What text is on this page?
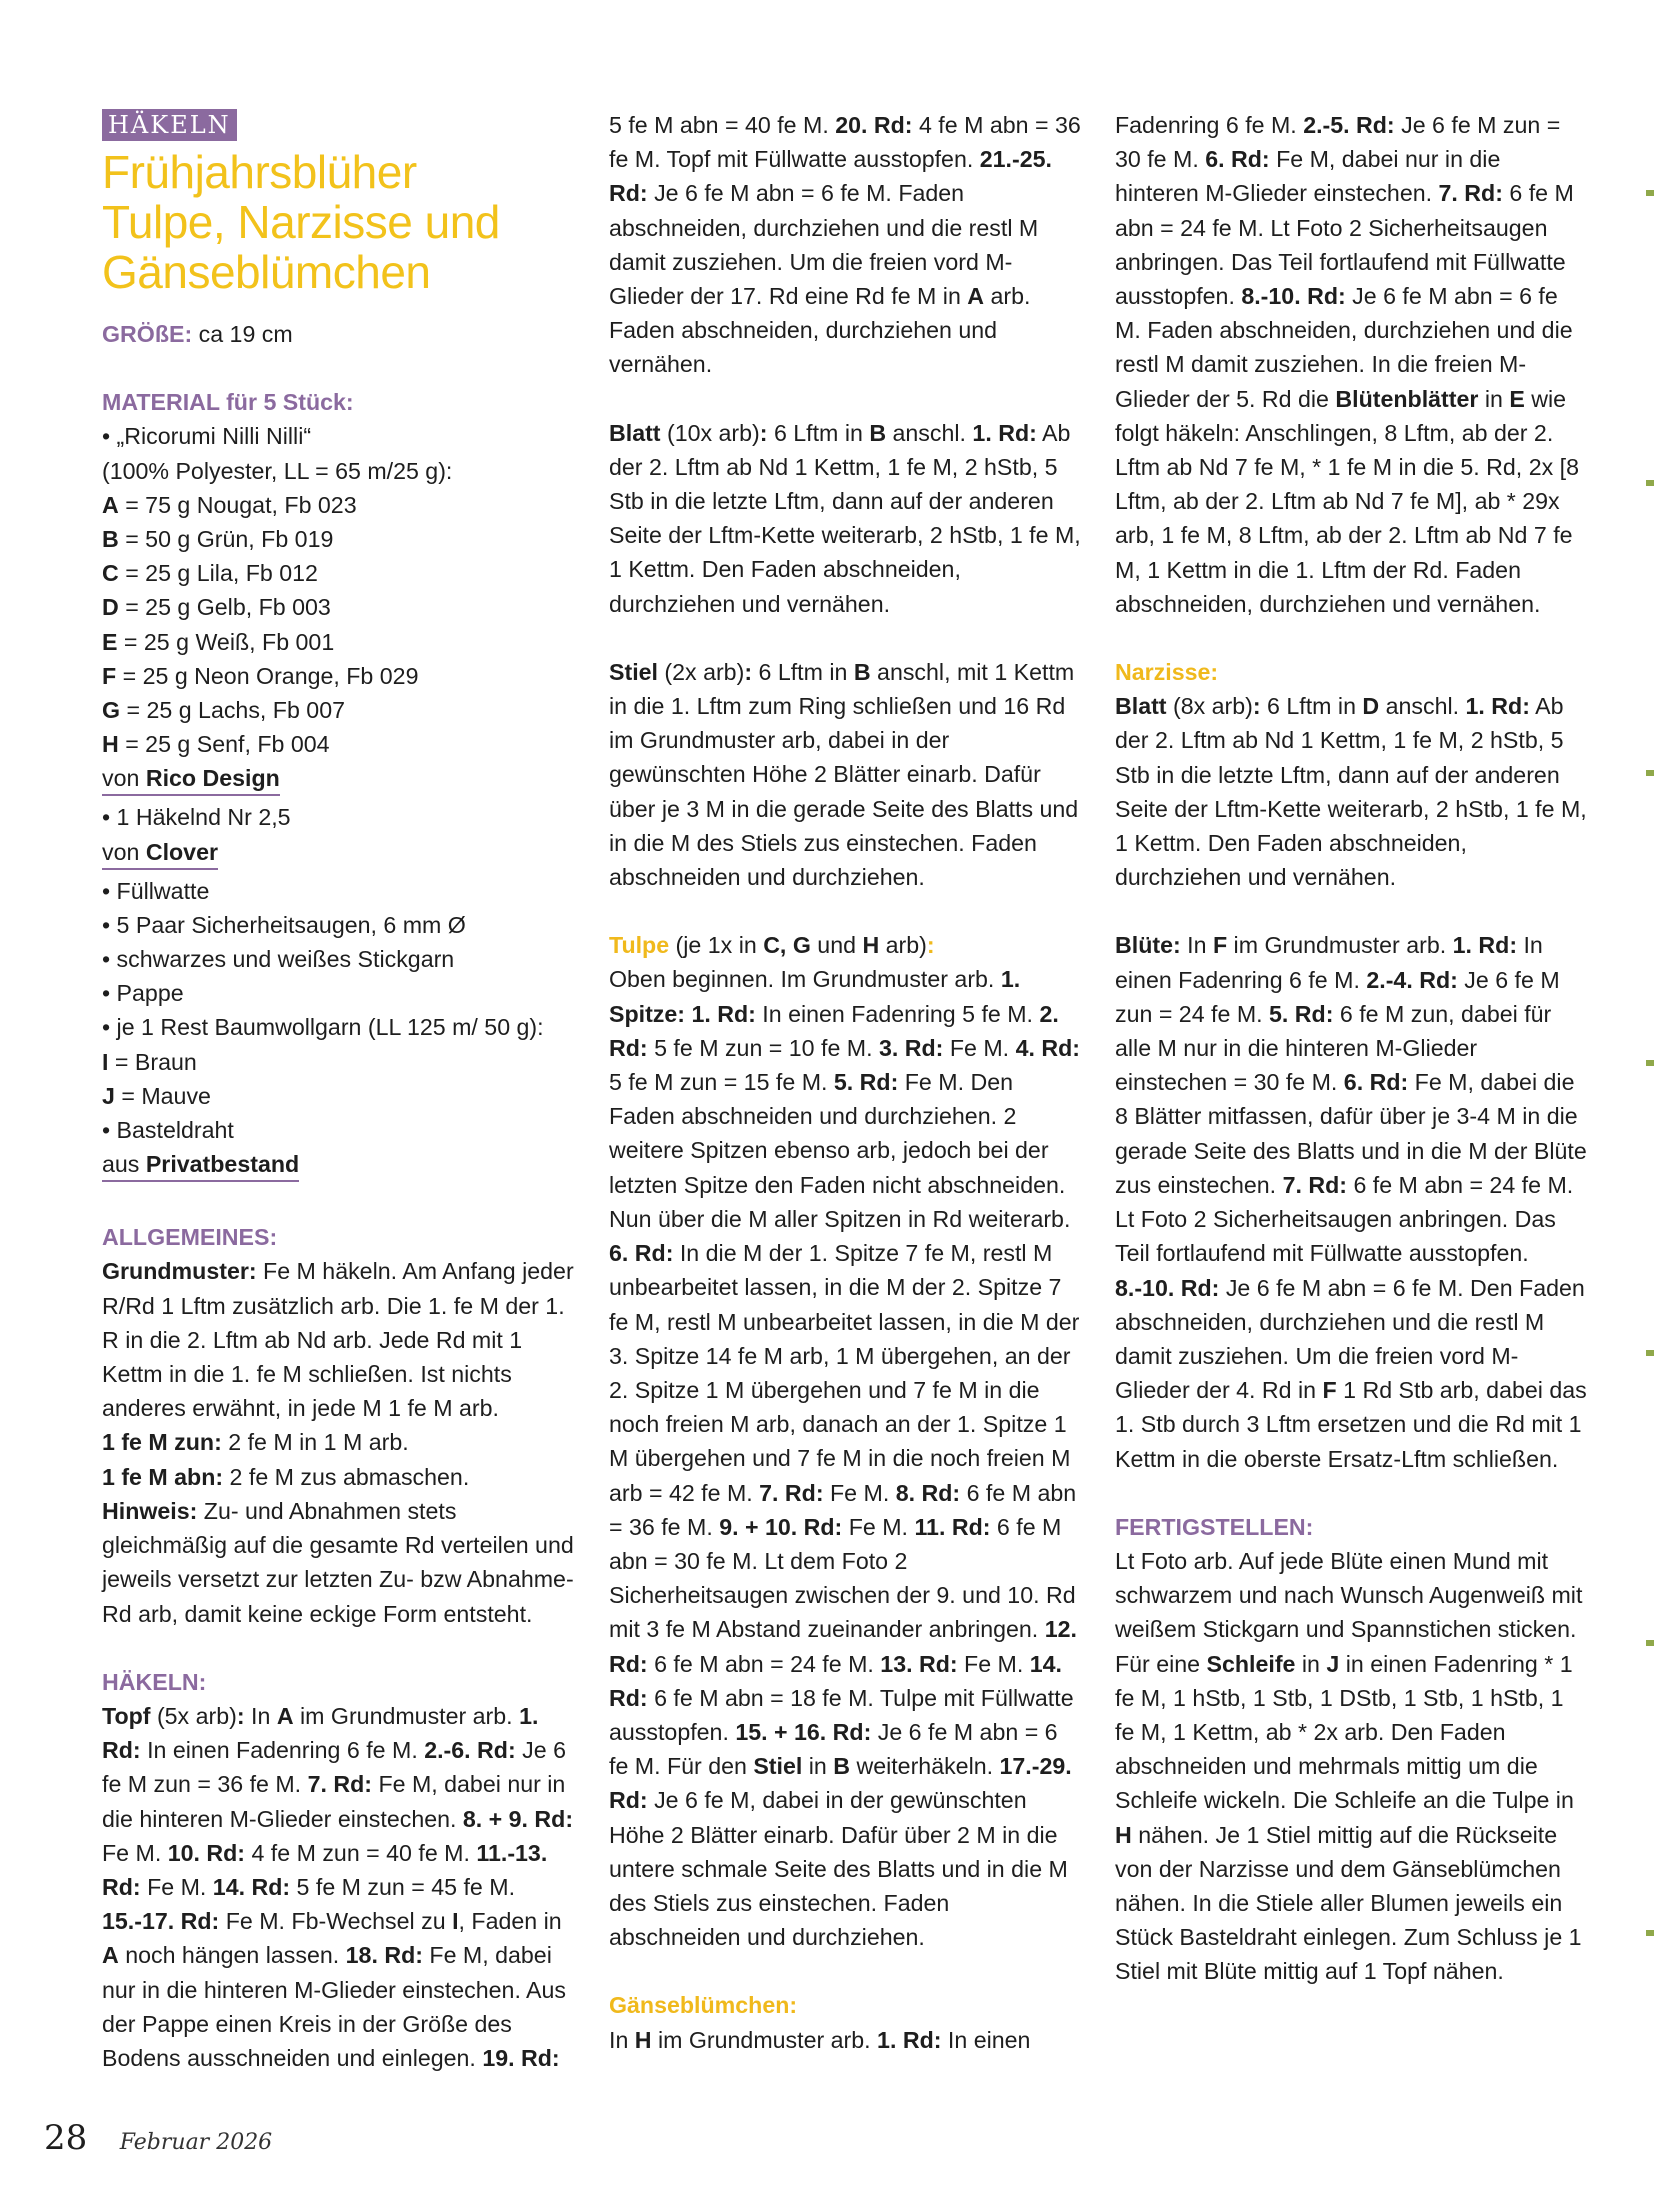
HÄKELN
Frühjahrsblüher
Tulpe, Narzisse und
Gänseblümchen

GRÖßE: ca 19 cm

MATERIAL für 5 Stück:

• „Ricorumi Nilli Nilli“

(100% Polyester, LL = 65 m/25 g):

A = 75 g Nougat, Fb 023

B = 50 g Grün, Fb 019

C = 25 g Lila, Fb 012

D = 25 g Gelb, Fb 003

E = 25 g Weiß, Fb 001

F = 25 g Neon Orange, Fb 029

G = 25 g Lachs, Fb 007

H = 25 g Senf, Fb 004

von Rico Design

• 1 Häkelnd Nr 2,5

von Clover

• Füllwatte

• 5 Paar Sicherheitsaugen, 6 mm Ø

• schwarzes und weißes Stickgarn

• Pappe

• je 1 Rest Baumwollgarn (LL 125 m/ 50 g):

I = Braun

J = Mauve

• Basteldraht

aus Privatbestand

ALLGEMEINES:

Grundmuster: Fe M häkeln. Am Anfang jeder R/Rd 1 Lftm zusätzlich arb. Die 1. fe M der 1. R in die 2. Lftm ab Nd arb. Jede Rd mit 1 Kettm in die 1. fe M schließen. Ist nichts anderes erwähnt, in jede M 1 fe M arb.

1 fe M zun: 2 fe M in 1 M arb.

1 fe M abn: 2 fe M zus abmaschen.

Hinweis: Zu- und Abnahmen stets gleichmäßig auf die gesamte Rd verteilen und jeweils versetzt zur letzten Zu- bzw Abnahme-Rd arb, damit keine eckige Form entsteht.

HÄKELN:

Topf (5x arb): In A im Grundmuster arb. 1. Rd: In einen Fadenring 6 fe M. 2.-6. Rd: Je 6 fe M zun = 36 fe M. 7. Rd: Fe M, dabei nur in die hinteren M-Glieder einstechen. 8. + 9. Rd: Fe M. 10. Rd: 4 fe M zun = 40 fe M. 11.-13. Rd: Fe M. 14. Rd: 5 fe M zun = 45 fe M. 15.-17. Rd: Fe M. Fb-Wechsel zu I, Faden in A noch hängen lassen. 18. Rd: Fe M, dabei nur in die hinteren M-Glieder einstechen. Aus der Pappe einen Kreis in der Größe des Bodens ausschneiden und einlegen. 19. Rd:

5 fe M abn = 40 fe M. 20. Rd: 4 fe M abn = 36 fe M. Topf mit Füllwatte ausstopfen. 21.-25. Rd: Je 6 fe M abn = 6 fe M. Faden abschneiden, durchziehen und die restl M damit zusziehen. Um die freien vord M-Glieder der 17. Rd eine Rd fe M in A arb. Faden abschneiden, durchziehen und vernähen.

Blatt (10x arb): 6 Lftm in B anschl. 1. Rd: Ab der 2. Lftm ab Nd 1 Kettm, 1 fe M, 2 hStb, 5 Stb in die letzte Lftm, dann auf der anderen Seite der Lftm-Kette weiterarb, 2 hStb, 1 fe M, 1 Kettm. Den Faden abschneiden, durchziehen und vernähen.

Stiel (2x arb): 6 Lftm in B anschl, mit 1 Kettm in die 1. Lftm zum Ring schließen und 16 Rd im Grundmuster arb, dabei in der gewünschten Höhe 2 Blätter einarb. Dafür über je 3 M in die gerade Seite des Blatts und in die M des Stiels zus einstechen. Faden abschneiden und durchziehen.

Tulpe (je 1x in C, G und H arb):

Oben beginnen. Im Grundmuster arb. 1. Spitze: 1. Rd: In einen Fadenring 5 fe M. 2. Rd: 5 fe M zun = 10 fe M. 3. Rd: Fe M. 4. Rd: 5 fe M zun = 15 fe M. 5. Rd: Fe M. Den Faden abschneiden und durchziehen. 2 weitere Spitzen ebenso arb, jedoch bei der letzten Spitze den Faden nicht abschneiden. Nun über die M aller Spitzen in Rd weiterarb. 6. Rd: In die M der 1. Spitze 7 fe M, restl M unbearbeitet lassen, in die M der 2. Spitze 7 fe M, restl M unbearbeitet lassen, in die M der 3. Spitze 14 fe M arb, 1 M übergehen, an der 2. Spitze 1 M übergehen und 7 fe M in die noch freien M arb, danach an der 1. Spitze 1 M übergehen und 7 fe M in die noch freien M arb = 42 fe M. 7. Rd: Fe M. 8. Rd: 6 fe M abn = 36 fe M. 9. + 10. Rd: Fe M. 11. Rd: 6 fe M abn = 30 fe M. Lt dem Foto 2 Sicherheitsaugen zwischen der 9. und 10. Rd mit 3 fe M Abstand zueinander anbringen. 12. Rd: 6 fe M abn = 24 fe M. 13. Rd: Fe M. 14. Rd: 6 fe M abn = 18 fe M. Tulpe mit Füllwatte ausstopfen. 15. + 16. Rd: Je 6 fe M abn = 6 fe M. Für den Stiel in B weiterhäkeln. 17.-29. Rd: Je 6 fe M, dabei in der gewünschten Höhe 2 Blätter einarb. Dafür über 2 M in die untere schmale Seite des Blatts und in die M des Stiels zus einstechen. Faden abschneiden und durchziehen.

Gänseblümchen:

In H im Grundmuster arb. 1. Rd: In einen

Fadenring 6 fe M. 2.-5. Rd: Je 6 fe M zun = 30 fe M. 6. Rd: Fe M, dabei nur in die hinteren M-Glieder einstechen. 7. Rd: 6 fe M abn = 24 fe M. Lt Foto 2 Sicherheitsaugen anbringen. Das Teil fortlaufend mit Füllwatte ausstopfen. 8.-10. Rd: Je 6 fe M abn = 6 fe M. Faden abschneiden, durchziehen und die restl M damit zusziehen. In die freien M-Glieder der 5. Rd die Blütenblätter in E wie folgt häkeln: Anschlingen, 8 Lftm, ab der 2. Lftm ab Nd 7 fe M, * 1 fe M in die 5. Rd, 2x [8 Lftm, ab der 2. Lftm ab Nd 7 fe M], ab * 29x arb, 1 fe M, 8 Lftm, ab der 2. Lftm ab Nd 7 fe M, 1 Kettm in die 1. Lftm der Rd. Faden abschneiden, durchziehen und vernähen.

Narzisse:

Blatt (8x arb): 6 Lftm in D anschl. 1. Rd: Ab der 2. Lftm ab Nd 1 Kettm, 1 fe M, 2 hStb, 5 Stb in die letzte Lftm, dann auf der anderen Seite der Lftm-Kette weiterarb, 2 hStb, 1 fe M, 1 Kettm. Den Faden abschneiden, durchziehen und vernähen.

Blüte: In F im Grundmuster arb. 1. Rd: In einen Fadenring 6 fe M. 2.-4. Rd: Je 6 fe M zun = 24 fe M. 5. Rd: 6 fe M zun, dabei für alle M nur in die hinteren M-Glieder einstechen = 30 fe M. 6. Rd: Fe M, dabei die 8 Blätter mitfassen, dafür über je 3-4 M in die gerade Seite des Blatts und in die M der Blüte zus einstechen. 7. Rd: 6 fe M abn = 24 fe M. Lt Foto 2 Sicherheitsaugen anbringen. Das Teil fortlaufend mit Füllwatte ausstopfen. 8.-10. Rd: Je 6 fe M abn = 6 fe M. Den Faden abschneiden, durchziehen und die restl M damit zusziehen. Um die freien vord M-Glieder der 4. Rd in F 1 Rd Stb arb, dabei das 1. Stb durch 3 Lftm ersetzen und die Rd mit 1 Kettm in die oberste Ersatz-Lftm schließen.

FERTIGSTELLEN:

Lt Foto arb. Auf jede Blüte einen Mund mit schwarzem und nach Wunsch Augenweiß mit weißem Stickgarn und Spannstichen sticken. Für eine Schleife in J in einen Fadenring * 1 fe M, 1 hStb, 1 Stb, 1 DStb, 1 Stb, 1 hStb, 1 fe M, 1 Kettm, ab * 2x arb. Den Faden abschneiden und mehrmals mittig um die Schleife wickeln. Die Schleife an die Tulpe in H nähen. Je 1 Stiel mittig auf die Rückseite von der Narzisse und dem Gänseblümchen nähen. In die Stiele aller Blumen jeweils ein Stück Basteldraht einlegen. Zum Schluss je 1 Stiel mit Blüte mittig auf 1 Topf nähen.

28 Februar 2026
